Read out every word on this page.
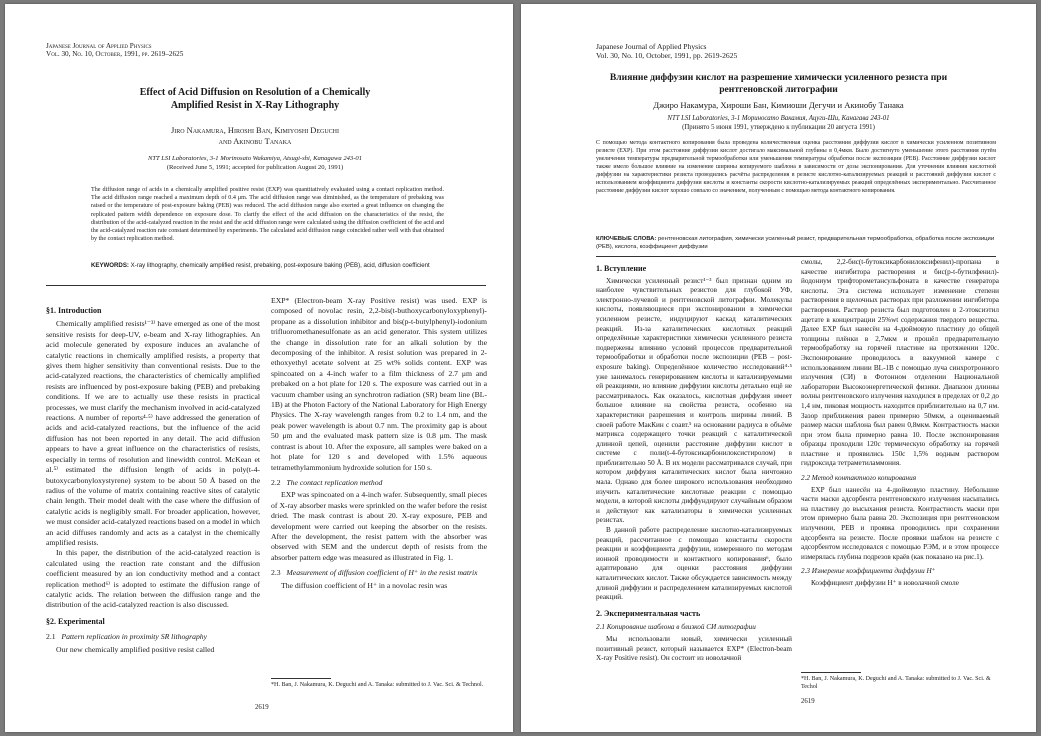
Japanese Journal of Applied Physics
Vol. 30, No. 10, October, 1991, pp. 2619–2625
Effect of Acid Diffusion on Resolution of a Chemically
Amplified Resist in X-Ray Lithography
Jiro Nakamura, Hiroshi Ban, Kimiyoshi Deguchi
and Akinobu Tanaka
NTT LSI Laboratories, 3-1 Morinosato Wakamiya, Atsugi-shi, Kanagawa 243-01
(Received June 5, 1991; accepted for publication August 20, 1991)

The diffusion range of acids in a chemically amplified positive resist (EXP) was quantitatively evaluated using a contact replication method. The acid diffusion range reached a maximum depth of 0.4 μm. The acid diffusion range was diminished, as the temperature of prebaking was raised or the temperature of post-exposure baking (PEB) was reduced. The acid diffusion range also exerted a great influence on changing the replicated pattern width dependence on exposure dose. To clarify the effect of the acid diffusion on the characteristics of the resist, the distribution of the acid-catalyzed reaction in the resist and the acid diffusion range were calculated using the diffusion coefficient of the acid and the acid-catalyzed reaction rate constant determined by experiments. The calculated acid diffusion range coincided rather well with that obtained by the contact replication method.

KEYWORDS: X-ray lithography, chemically amplified resist, prebaking, post-exposure baking (PEB), acid, diffusion coefficient

§1. Introduction

Chemically amplified resists¹⁻³⁾ have emerged as one of the most sensitive resists for deep-UV, e-beam and X-ray lithographies. An acid molecule generated by exposure induces an avalanche of catalytic reactions in chemically amplified resists, a property that gives them higher sensitivity than conventional resists. Due to the acid-catalyzed reactions, the characteristics of chemically amplified resists are influenced by post-exposure baking (PEB) and prebaking conditions. If we are to actually use these resists in practical processes, we must clarify the mechanism involved in acid-catalyzed reactions. A number of reports⁴·⁵⁾ have addressed the generation of acids and acid-catalyzed reactions, but the influence of the acid diffusion has not been reported in any detail. The acid diffusion appears to have a great influence on the characteristics of resists, especially in terms of resolution and linewidth control. McKean et al.⁵⁾ estimated the diffusion length of acids in poly(t-4-butoxycarbonyloxystyrene) system to be about 50 Å based on the radius of the volume of matrix containing reactive sites of catalytic chain length. Their model dealt with the case where the diffusion of catalytic acids is negligibly small. For broader application, however, we must consider acid-catalyzed reactions based on a model in which an acid diffuses randomly and acts as a catalyst in the chemically amplified resists.

In this paper, the distribution of the acid-catalyzed reaction is calculated using the reaction rate constant and the diffusion coefficient measured by an ion conductivity method and a contact replication method⁶⁾ is adopted to estimate the diffusion range of catalytic acids. The relation between the diffusion range and the distribution of the acid-catalyzed reaction is also discussed.

§2. Experimental

2.1 Pattern replication in proximity SR lithography

Our new chemically amplified positive resist called

EXP* (Electron-beam X-ray Positive resist) was used. EXP is composed of novolac resin, 2,2-bis(t-buthoxycarbonyloxyphenyl)-propane as a dissolution inhibitor and bis(p-t-butylphenyl)-iodonium trifluoromethanesulfonate as an acid generator. This system utilizes the change in dissolution rate for an alkali solution by the decomposing of the inhibitor. A resist solution was prepared in 2-ethoxyethyl acetate solvent at 25 wt% solids content. EXP was spincoated on a 4-inch wafer to a film thickness of 2.7 μm and prebaked on a hot plate for 120 s. The exposure was carried out in a vacuum chamber using an synchrotron radiation (SR) beam line (BL-1B) at the Photon Factory of the National Laboratory for High Energy Physics. The X-ray wavelength ranges from 0.2 to 1.4 nm, and the peak power wavelength is about 0.7 nm. The proximity gap is about 50 μm and the evaluated mask pattern size is 0.8 μm. The mask contrast is about 10. After the exposure, all samples were baked on a hot plate for 120 s and developed with 1.5% aqueous tetramethylammonium hydroxide solution for 150 s.

2.2 The contact replication method

EXP was spincoated on a 4-inch wafer. Subsequently, small pieces of X-ray absorber masks were sprinkled on the wafer before the resist dried. The mask contrast is about 20. X-ray exposure, PEB and development were carried out keeping the absorber on the resists. After the development, the resist pattern with the absorber was observed with SEM and the undercut depth of resists from the absorber pattern edge was measured as illustrated in Fig. 1.

2.3 Measurement of diffusion coefficient of H⁺ in the resist matrix

The diffusion coefficient of H⁺ in a novolac resin was

*H. Ban, J. Nakamura, K. Deguchi and A. Tanaka: submitted to J. Vac. Sci. & Technol.
2619
Japanese Journal of Applied Physics
Vol. 30, No. 10, October, 1991, pp. 2619-2625
Влияние диффузии кислот на разрешение химически усиленного резиста при
рентгеновской литографии
Джиро Накамура, Хироши Бан, Кимиоши Дегучи и Акинобу Танака
NTT LSI Laboratories, 3-1 Мориносато Вакамия, Ацуги-Ши, Канагава 243-01
(Принято 5 июня 1991, утверждено к публикации 20 августа 1991)

С помощью метода контактного копирования была проведена количественная оценка расстояния диффузии кислот в химически усиленном позитивном резисте (EXP). При этом расстояние диффузии кислот достигало максимальной глубины в 0,4мкм. Было достигнуто уменьшение этого расстояния путём увеличения температуры предварительной термообработки или уменьшения температуры обработки после экспозиции (PEB). Расстояние диффузии кислот также имело большое влияние на изменение ширины копируемого шаблона в зависимости от дозы экспонирования. Для уточнения влияния кислотной диффузии на характеристики резиста проводились расчёты распределения в резисте кислотно-катализируемых реакций и расстояний диффузии кислот с использованием коэффициента диффузии кислоты и константы скорости кислотно-катализируемых реакций определённых экспериментально. Рассчитанное расстояние диффузии кислот хорошо совпало со значением, полученным с помощью метода контактного копирования.

КЛЮЧЕВЫЕ СЛОВА: рентгеновская литография, химически усиленный резист, предварительная термообработка, обработка после экспозиции (PEB), кислота, коэффициент диффузии

1. Вступление

Химически усиленный резист¹⁻³ был признан одним из наиболее чувствительных резистов для глубокой УФ, электронно-лучевой и рентгеновской литографии. Молекулы кислоты, появляющиеся при экспонировании в химически усиленном резисте, индуцируют каскад каталитических реакций. Из-за каталитических кислотных реакций определённые характеристики химически усиленного резиста подвержены влиянию условий процессов предварительной термообработки и обработки после экспозиции (PEB – post-exposure baking). Определённое количество исследований⁴·⁵ уже занималось генерированием кислоты и катализируемыми ей реакциями, но влияние диффузии кислоты детально ещё не рассматривалось. Как оказалось, кислотная диффузия имеет большое влияние на свойства резиста, особенно на характеристики разрешения и контроль ширины линий. В своей работе МакКин с соавт.⁵ на основании радиуса в объёме матрикса содержащего точки реакций с каталитической длинной цепей, оценили расстояние диффузии кислот в системе с поли(t-4-бутоксикарбонилоксистиролом) в приблизительно 50 Å. В их модели рассматривался случай, при котором диффузия каталитических кислот была ничтожно мала. Однако для более широкого использования необходимо изучить каталитические кислотные реакции с помощью модели, в которой кислоты диффундируют случайным образом и действуют как катализаторы в химически усиленных резистах.

В данной работе распределение кислотно-катализируемых реакций, рассчитанное с помощью константы скорости реакции и коэффициента диффузии, измеренного по методам ионной проводимости и контактного копирования⁶, было адаптировано для оценки расстояния диффузии каталитических кислот. Также обсуждается зависимость между длиной диффузии и распределением катализируемых кислотой реакций.

2. Экспериментальная часть

2.1 Копирование шаблона в близкой СИ литографии

Мы использовали новый, химически усиленный позитивный резист, который называется EXP* (Electron-beam X-ray Positive resist). Он состоит из новолачной

смолы, 2,2-бис(t-бутоксикарбонилоксифенил)-пропана в качестве ингибитора растворения и бис(p-t-бутилфенил)-йодониум трифторометансульфоната в качестве генератора кислоты. Эта система использует изменение степени растворения в щелочных растворах при разложении ингибитора растворения. Раствор резиста был подготовлен в 2-этоксиэтил ацетате в концентрации 25%wt содержания твердого вещества. Далее EXP был нанесён на 4-дюймовую пластину до общей толщины плёнки в 2,7мкм и прошёл предварительную термообработку на горячей пластине на протяжении 120с. Экспонирование проводилось в вакуумной камере с использованием линии BL-1B с помощью луча синхротронного излучения (СИ) в Фотонном отделении Национальной лаборатории Высокоэнергетической физики. Диапазон длинны волны рентгеновского излучения находился в пределах от 0,2 до 1,4 нм, пиковая мощность находится приблизительно на 0,7 нм. Зазор приближения равен примерно 50мкм, а оцениваемый размер маски шаблона был равен 0,8мкм. Контрастность маски при этом была примерно равна 10. После экспонирования образцы проходили 120с термическую обработку на горячей пластине и проявились 150с 1,5% водным раствором гидроксида тетраметиламмония.

2.2 Метод контактного копирования

EXP был нанесён на 4-дюймовую пластину. Небольшие части маски адсорбента рентгеновского излучения насыпались на пластину до высыхания резиста. Контрастность маски при этом примерно была равна 20. Экспозиция при рентгеновском излучении, PEB и проявка проводились при сохранении адсорбента на резисте. После проявки шаблон на резисте с адсорбентом исследовался с помощью РЭМ, и в этом процессе измерялась глубина подрезов краёв (как показано на рис.1).

2.3 Измерение коэффициента диффузии H⁺

Коэффициент диффузии H⁺ в новолачной смоле

*H. Ban, J. Nakamura, K. Deguchi and A. Tanaka: submitted to J. Vac. Sci. & Techol
2619
